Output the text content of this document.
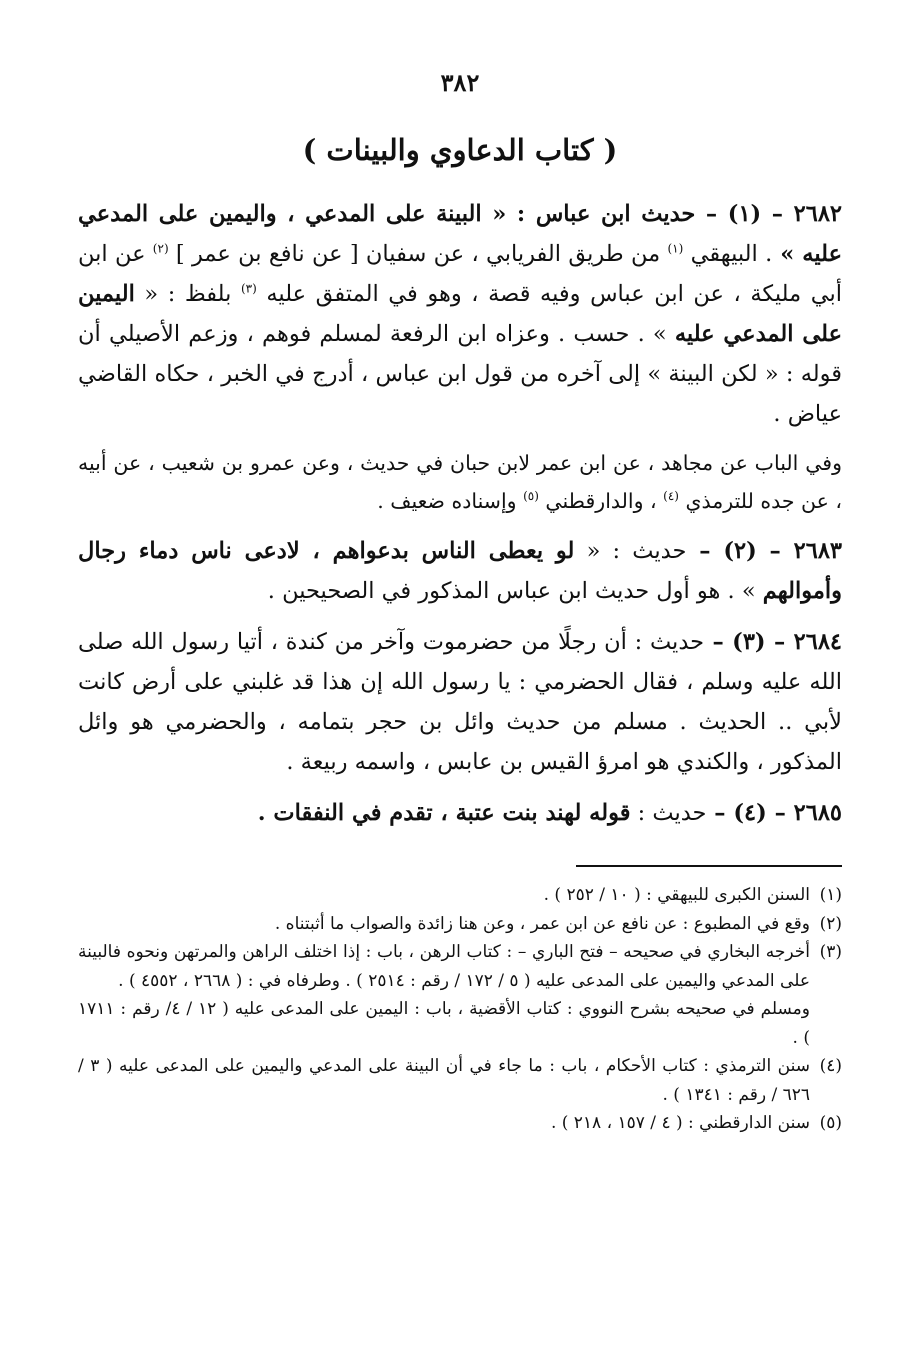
٣٨٢
( كتاب الدعاوي والبينات )

٢٦٨٢ – (١) – حديث ابن عباس : « البينة على المدعي ، واليمين على المدعي عليه » . البيهقي $^{(١)}$ من طريق الفريابي ، عن سفيان [ عن نافع بن عمر ] $^{(٢)}$ عن ابن أبي مليكة ، عن ابن عباس وفيه قصة ، وهو في المتفق عليه $^{(٣)}$ بلفظ : « اليمين على المدعي عليه » . حسب . وعزاه ابن الرفعة لمسلم فوهم ، وزعم الأصيلي أن قوله : « لكن البينة » إلى آخره من قول ابن عباس ، أدرج في الخبر ، حكاه القاضي عياض .

وفي الباب عن مجاهد ، عن ابن عمر لابن حبان في حديث ، وعن عمرو بن شعيب ، عن أبيه ، عن جده للترمذي $^{(٤)}$ ، والدارقطني $^{(٥)}$ وإسناده ضعيف .

٢٦٨٣ – (٢) – حديث : « لو يعطى الناس بدعواهم ، لادعى ناس دماء رجال وأموالهم » . هو أول حديث ابن عباس المذكور في الصحيحين .

٢٦٨٤ – (٣) – حديث : أن رجلًا من حضرموت وآخر من كندة ، أتيا رسول الله صلى الله عليه وسلم ، فقال الحضرمي : يا رسول الله إن هذا قد غلبني على أرض كانت لأبي .. الحديث . مسلم من حديث وائل بن حجر بتمامه ، والحضرمي هو وائل المذكور ، والكندي هو امرؤ القيس بن عابس ، واسمه ربيعة .

٢٦٨٥ – (٤) – حديث : قوله لهند بنت عتبة ، تقدم في النفقات .

(١)السنن الكبرى للبيهقي : ( ١٠ / ٢٥٢ ) .

(٢)وقع في المطبوع : عن نافع عن ابن عمر ، وعن هنا زائدة والصواب ما أثبتناه .

(٣)أخرجه البخاري في صحيحه – فتح الباري – : كتاب الرهن ، باب : إذا اختلف الراهن والمرتهن ونحوه فالبينة على المدعي واليمين على المدعى عليه ( ٥ / ١٧٢ / رقم : ٢٥١٤ ) . وطرفاه في : ( ٢٦٦٨ ، ٤٥٥٢ ) .

ومسلم في صحيحه بشرح النووي : كتاب الأقضية ، باب : اليمين على المدعى عليه ( ١٢ / ٤/ رقم : ١٧١١ ) .

(٤)سنن الترمذي : كتاب الأحكام ، باب : ما جاء في أن البينة على المدعي واليمين على المدعى عليه ( ٣ / ٦٢٦ / رقم : ١٣٤١ ) .

(٥)سنن الدارقطني : ( ٤ / ١٥٧ ، ٢١٨ ) .
